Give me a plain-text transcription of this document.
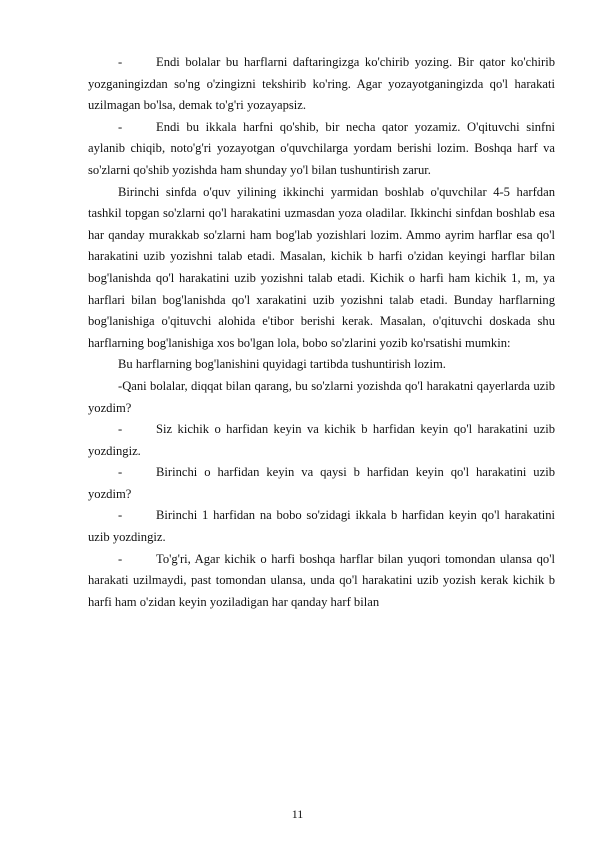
-	Endi bolalar bu harflarni daftaringizga ko'chirib yozing. Bir qator ko'chirib yozganingizdan so'ng o'zingizni tekshirib ko'ring. Agar yozayotganingizda qo'l harakati uzilmagan bo'lsa, demak to'g'ri yozayapsiz.

-	Endi bu ikkala harfni qo'shib, bir necha qator yozamiz. O'qituvchi sinfni aylanib chiqib, noto'g'ri yozayotgan o'quvchilarga yordam berishi lozim. Boshqa harf va so'zlarni qo'shib yozishda ham shunday yo'l bilan tushuntirish zarur.

Birinchi sinfda o'quv yilining ikkinchi yarmidan boshlab o'quvchilar 4-5 harfdan tashkil topgan so'zlarni qo'l harakatini uzmasdan yoza oladilar. Ikkinchi sinfdan boshlab esa har qanday murakkab so'zlarni ham bog'lab yozishlari lozim. Ammo ayrim harflar esa qo'l harakatini uzib yozishni talab etadi. Masalan, kichik b harfi o'zidan keyingi harflar bilan bog'lanishda qo'l harakatini uzib yozishni talab etadi. Kichik o harfi ham kichik 1, m, ya harflari bilan bog'lanishda qo'l xarakatini uzib yozishni talab etadi. Bunday harflarning bog'lanishiga o'qituvchi alohida e'tibor berishi kerak. Masalan, o'qituvchi doskada shu harflarning bog'lanishiga xos bo'lgan lola, bobo so'zlarini yozib ko'rsatishi mumkin:

Bu harflarning bog'lanishini quyidagi tartibda tushuntirish lozim.

-Qani bolalar, diqqat bilan qarang, bu so'zlarni yozishda qo'l harakatni qayerlarda uzib yozdim?

-	Siz kichik o harfidan keyin va kichik b harfidan keyin qo'l harakatini uzib yozdingiz.

-	Birinchi o harfidan keyin va qaysi b harfidan keyin qo'l harakatini uzib yozdim?

-	Birinchi 1 harfidan na bobo so'zidagi ikkala b harfidan keyin qo'l harakatini uzib yozdingiz.

-	To'g'ri, Agar kichik o harfi boshqa harflar bilan yuqori tomondan ulansa qo'l harakati uzilmaydi, past tomondan ulansa, unda qo'l harakatini uzib yozish kerak kichik b harfi ham o'zidan keyin yoziladigan har qanday harf bilan

11
